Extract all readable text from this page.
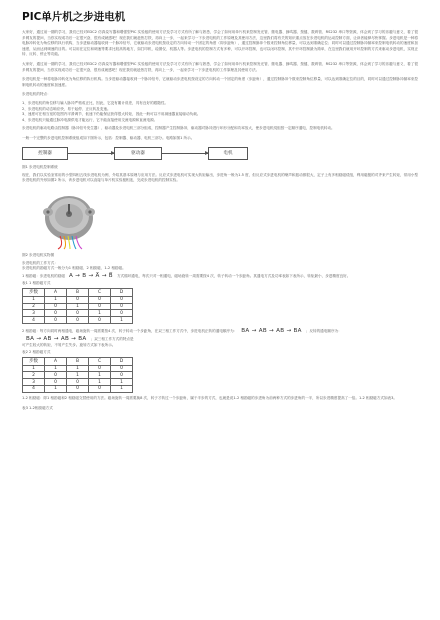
PIC单片机之步进电机

大家好，通过前一期的学习，我们已经对EDC2 仿真烧写器和增强型PIC 实验板的使用方法及学习方式有所了解与熟悉，学会了如何用单片机来控制发光管、继电器、蜂鸣器、按键、数码管、RS232 串口等资源，体会到了学习的乐趣与意义，看了很多网友的提问，当你实现成功后一定很兴奋，很有成就感吧！现在我们就趁热打铁，再向上一步，一起来学习一下步进电机的工作原理及其使用方法，这里我们将有关的知识重点放在步进电机的运动控制方面，让读者能够尽快掌握。步进电机是一种将电脉冲转化为角位移的执行机构，当步进驱动器接收到一个脉冲信号，它就驱动步进电机按设定的方向转动一个固定的角度（即步距角），通过控制脉冲个数来控制角位移量，可以达到准确定位；同时可以通过控制脉冲频率来控制电机转动的速度和加速度，从而达到调速的目的。可以用在定位和调速等要求比较高的地方，如打印机、绘图仪、机器人等。步进电机的控制方式有多种，可以开环控制，也可以闭环控制，其中开环控制最为简单，在这里我们就用开环控制的方式来驱动步进电机，实现正转、反转、停止等功能。

大家好，通过前一期的学习，我们已经对EDC2 仿真烧写器和增强型PIC 实验板的使用方法及学习方式有所了解与熟悉，学会了如何用单片机来控制发光管、继电器、蜂鸣器、按键、数码管、RS232 串口等资源，体会到了学习的乐趣与意义，看了很多网友的提问，当你实现成功后一定很兴奋，很有成就感吧！现在我们就趁热打铁，再向上一步，一起来学习一下步进电机的工作原理及其使用方法。

步进电机是一种将电脉冲转化为角位移的执行机构。当步进驱动器接收到一个脉冲信号，它就驱动步进电机按设定的方向转动一个固定的角度（步距角），通过控制脉冲个数来控制角位移量，可以达到准确定位的目的，同时可以通过控制脉冲频率来控制电机转动的速度和加速度。

步进电机的特点：
1、步进电机的角位移与输入脉冲严格成正比，因此，它没有累计误差，具有良好的跟随性。
2、步进电机的动态响应快，易于起停、正反转及变速。
3、速度可在相当宽的范围内平滑调节，低速下仍能保证获得很大转矩，因此一般可以不用减速器直接驱动负载。
4、步进电机只能通过脉冲电源供电才能运行，它不能直接使用交流电源和直流电源。

步进电机的驱动电路由控制器（脉冲信号发生器）、驱动器及步进电机三部分组成，控制器产生控制脉冲，驱动器对脉冲进行环形分配和功率放大，使步进电机绕组按一定顺序通电，控制电机转动。

一般一个完整的步进电机控制系统组成如下图所示，包括：控制器、驱动器、电机三部分。电路如图1 所示。
控制器	驱动器	电机
图1 步进电机控制系统

现在，我们以实验室常用的小型四相五线步进电机为例，介绍其基本原理与应用方法。反应式步进电机可实现大转矩输出，步进角一般为1.5 度，但反应式步进电机的噪声和振动都很大，定子上有多相励磁绕组，利用磁极的对齐来产生转矩，常用小型步进电机的外形如图2 所示，该步进电机可以直接与单片机实验板相连，完成步进电机的控制实验。

图2 步进电机实物图
步进电机的工作方式：
步进电机的励磁方式一般分为1 相励磁、2 相励磁、1-2 相励磁。
1 相励磁：步进电机的励磁 A → B → A̅ → B̅ 方式循环通电，每次只对一相通电，磁场旋转一周需要按4 次，转子转动一个步距角。其通电方式及功率表如下表所示，转矩最小，步进精度良好。
表1 1 相励磁方式
步数	A	B	C	D
1	1	0	0	0
2	0	1	0	0
3	0	0	1	0
4	0	0	0	1
2 相励磁：每方向同时两相通电，磁场旋转一周需要按4 次，转子转动一个步距角，在双三相工作方式中，步进电机正转的通电顺序为： BA → AB → AB → BA ；反转的通电顺序为：
BA → AB → AB → BA ；双三相工作方式的特点是
可产生较大的转矩，不易产生失步。旋转方式如下表所示。
表2 2 相励磁方式
步数	A	B	C	D
1	1	1	0	0
2	0	1	1	0
3	0	0	1	1
4	1	0	0	1

1-2 相励磁：即1 相励磁和2 相励磁交替使用的方法。磁场旋转一周需要换8 次，转子才转过一个步距角，属于半步的方式，也就是说1-2 相励磁的步进角为前两种方式的步进角的一半，所以步进精度提高了一倍。1-2 相励磁方式如表3。

表3 1-2相励磁方式
